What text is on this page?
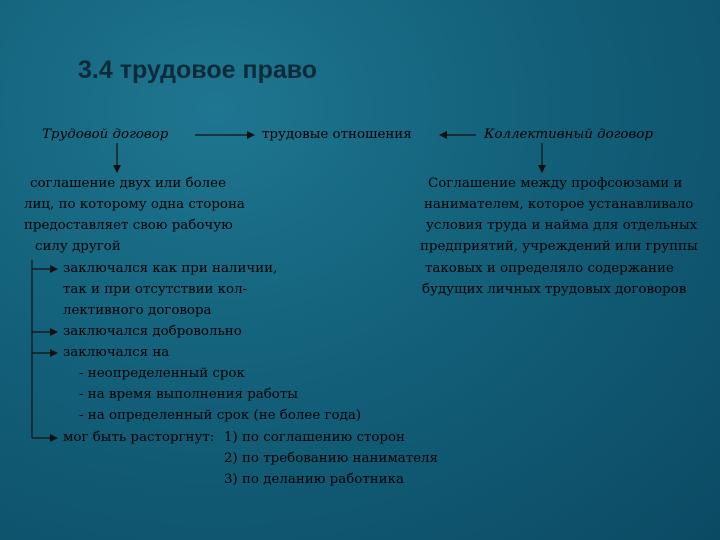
3.4 трудовое право
Трудовой договор	трудовые отношения	Коллективный договор
соглашение двух или более
лиц, по которому одна сторона
предоставляет свою рабочую
силу другой
заключался как при наличии,
так и при отсутствии кол-
лективного договора
заключался добровольно
заключался на
- неопределенный срок
- на время выполнения работы
- на определенный срок (не более года)
мог быть расторгнут: 1) по соглашению сторон
2) по требованию нанимателя
3) по деланию работника
Соглашение между профсоюзами и
нанимателем, которое устанавливало
условия труда и найма для отдельных
предприятий, учреждений или группы
таковых и определяло содержание
будущих личных трудовых договоров
